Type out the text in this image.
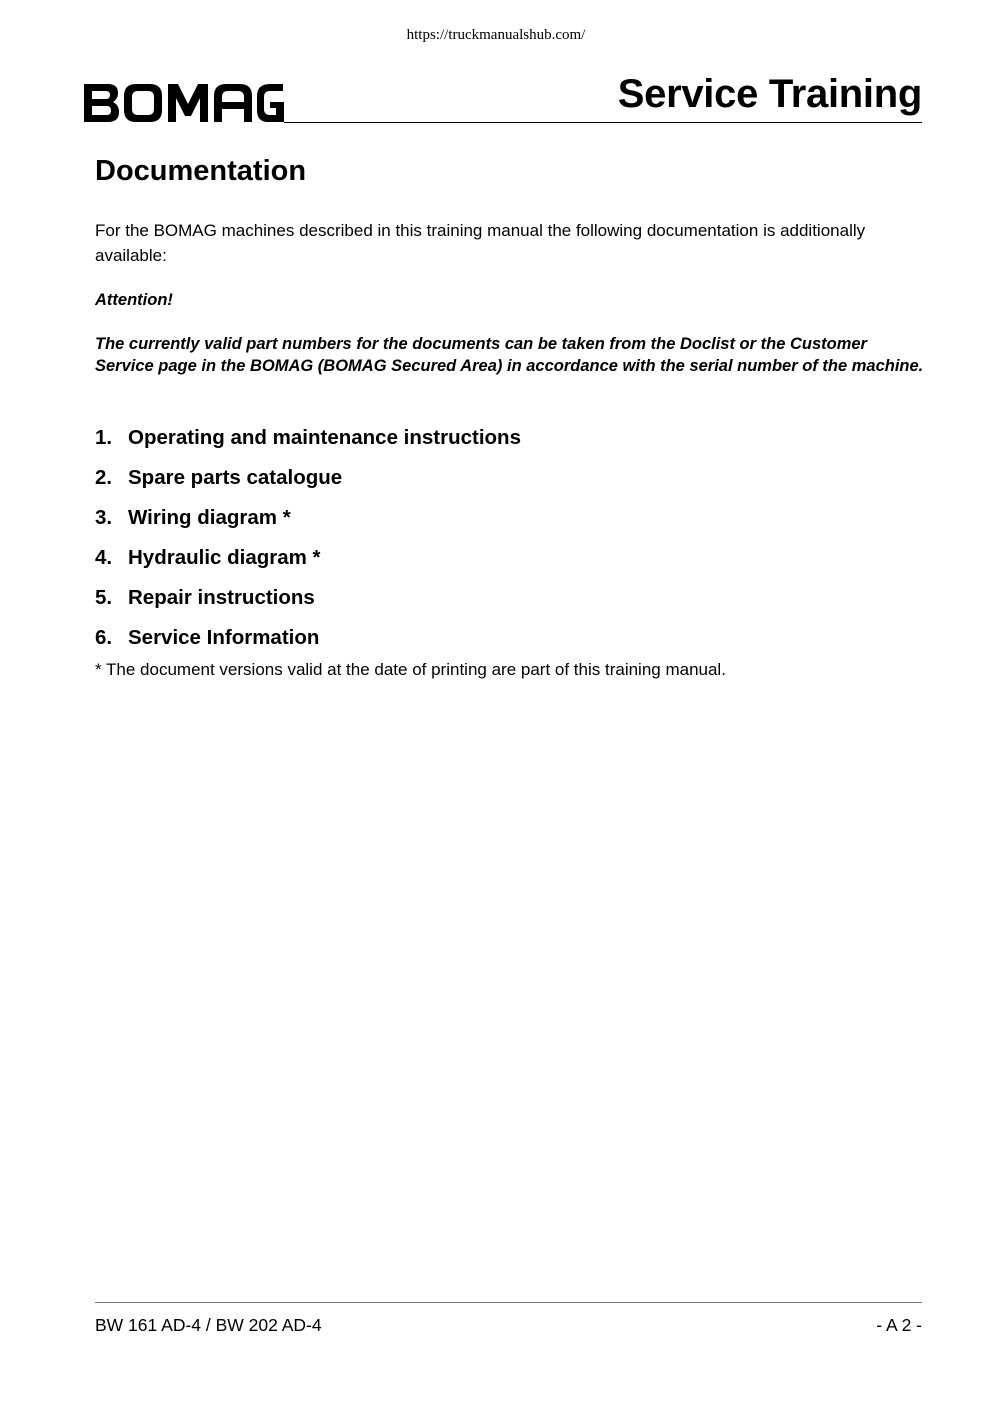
https://truckmanualshub.com/
Service Training
Documentation

For the BOMAG machines described in this training manual the following documentation is additionally available:

Attention!

The currently valid part numbers for the documents can be taken from the Doclist or the Customer Service page in the BOMAG (BOMAG Secured Area) in accordance with the serial number of the machine.

1. Operating and maintenance instructions
2. Spare parts catalogue
3. Wiring diagram *
4. Hydraulic diagram *
5. Repair instructions
6. Service Information
* The document versions valid at the date of printing are part of this training manual.
BW 161 AD-4 / BW 202 AD-4	- A 2 -
